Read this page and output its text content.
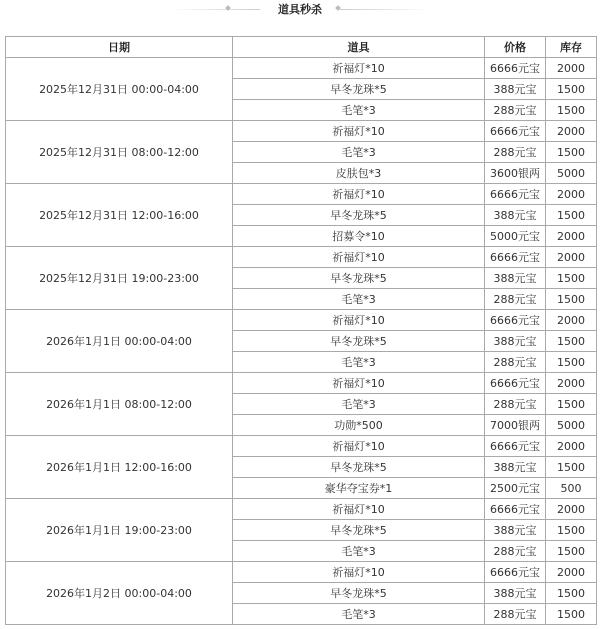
道具秒杀
日期	道具	价格	库存
2025年12月31日 00:00-04:00	祈福灯*10	6666元宝	2000
	早冬龙珠*5	388元宝	1500
	毛笔*3	288元宝	1500
2025年12月31日 08:00-12:00	祈福灯*10	6666元宝	2000
	毛笔*3	288元宝	1500
	皮肤包*3	3600银两	5000
2025年12月31日 12:00-16:00	祈福灯*10	6666元宝	2000
	早冬龙珠*5	388元宝	1500
	招募令*10	5000元宝	2000
2025年12月31日 19:00-23:00	祈福灯*10	6666元宝	2000
	早冬龙珠*5	388元宝	1500
	毛笔*3	288元宝	1500
2026年1月1日 00:00-04:00	祈福灯*10	6666元宝	2000
	早冬龙珠*5	388元宝	1500
	毛笔*3	288元宝	1500
2026年1月1日 08:00-12:00	祈福灯*10	6666元宝	2000
	毛笔*3	288元宝	1500
	功勋*500	7000银两	5000
2026年1月1日 12:00-16:00	祈福灯*10	6666元宝	2000
	早冬龙珠*5	388元宝	1500
	豪华夺宝券*1	2500元宝	500
2026年1月1日 19:00-23:00	祈福灯*10	6666元宝	2000
	早冬龙珠*5	388元宝	1500
	毛笔*3	288元宝	1500
2026年1月2日 00:00-04:00	祈福灯*10	6666元宝	2000
	早冬龙珠*5	388元宝	1500
	毛笔*3	288元宝	1500
